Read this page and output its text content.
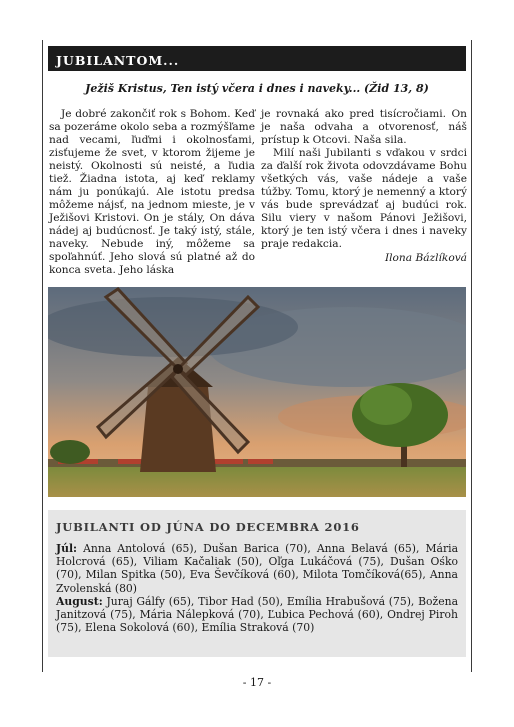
JUBILANTOM...
Ježiš Kristus, Ten istý včera i dnes i naveky... (Žid 13, 8)

Je dobré zakončiť rok s Bohom. Keď sa pozeráme okolo seba a rozmýšľame nad vecami, ľuďmi i okolnosťami, zisťujeme že svet, v ktorom žijeme je neistý. Okolnosti sú neisté, a ľudia tiež. Žiadna istota, aj keď reklamy nám ju ponúkajú. Ale istotu predsa môžeme nájsť, na jednom mieste, je v Ježišovi Kristovi. On je stály, On dáva nádej aj budúcnosť. Je taký istý, stále, naveky. Nebude iný, môžeme sa spoľahnúť. Jeho slová sú platné až do konca sveta. Jeho láska

je rovnaká ako pred tisícročiami. On je naša odvaha a otvorenosť, náš prístup k Otcovi. Naša sila.

Milí naši Jubilanti s vďakou v srdci za ďalší rok života odovzdávame Bohu všetkých vás, vaše nádeje a vaše túžby. Tomu, ktorý je nemenný a ktorý vás bude sprevádzať aj budúci rok. Silu viery v našom Pánovi Ježišovi, ktorý je ten istý včera i dnes i naveky praje redakcia.

Ilona Bázlíková
JUBILANTI OD JÚNA DO DECEMBRA 2016
Júl: Anna Antolová (65), Dušan Barica (70), Anna Belavá (65), Mária Holcrová (65), Viliam Kačaliak (50), Oľga Lukáčová (75), Dušan Ośko (70), Milan Spitka (50), Eva Ševčíková (60), Milota Tomčíková(65), Anna Zvolenská (80)
August: Juraj Gálfy (65), Tibor Had (50), Emília Hrabušová (75), Božena Janitzová (75), Mária Nálepková (70), Ľubica Pechová (60), Ondrej Piroh (75), Elena Sokolová (60), Emília Straková (70)
- 17 -
